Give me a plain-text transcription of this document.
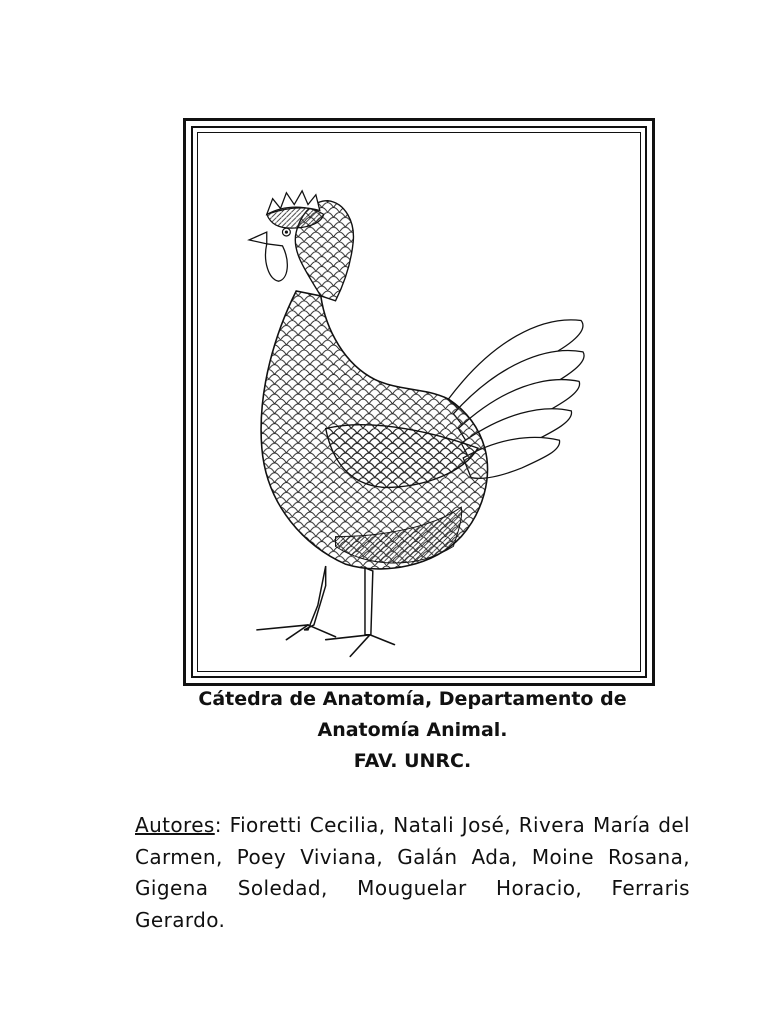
Cátedra de Anatomía, Departamento de
Anatomía Animal.
FAV. UNRC.
Autores: Fioretti Cecilia, Natali José, Rivera María del Carmen, Poey Viviana, Galán Ada, Moine Rosana, Gigena Soledad, Mouguelar Horacio, Ferraris Gerardo.
